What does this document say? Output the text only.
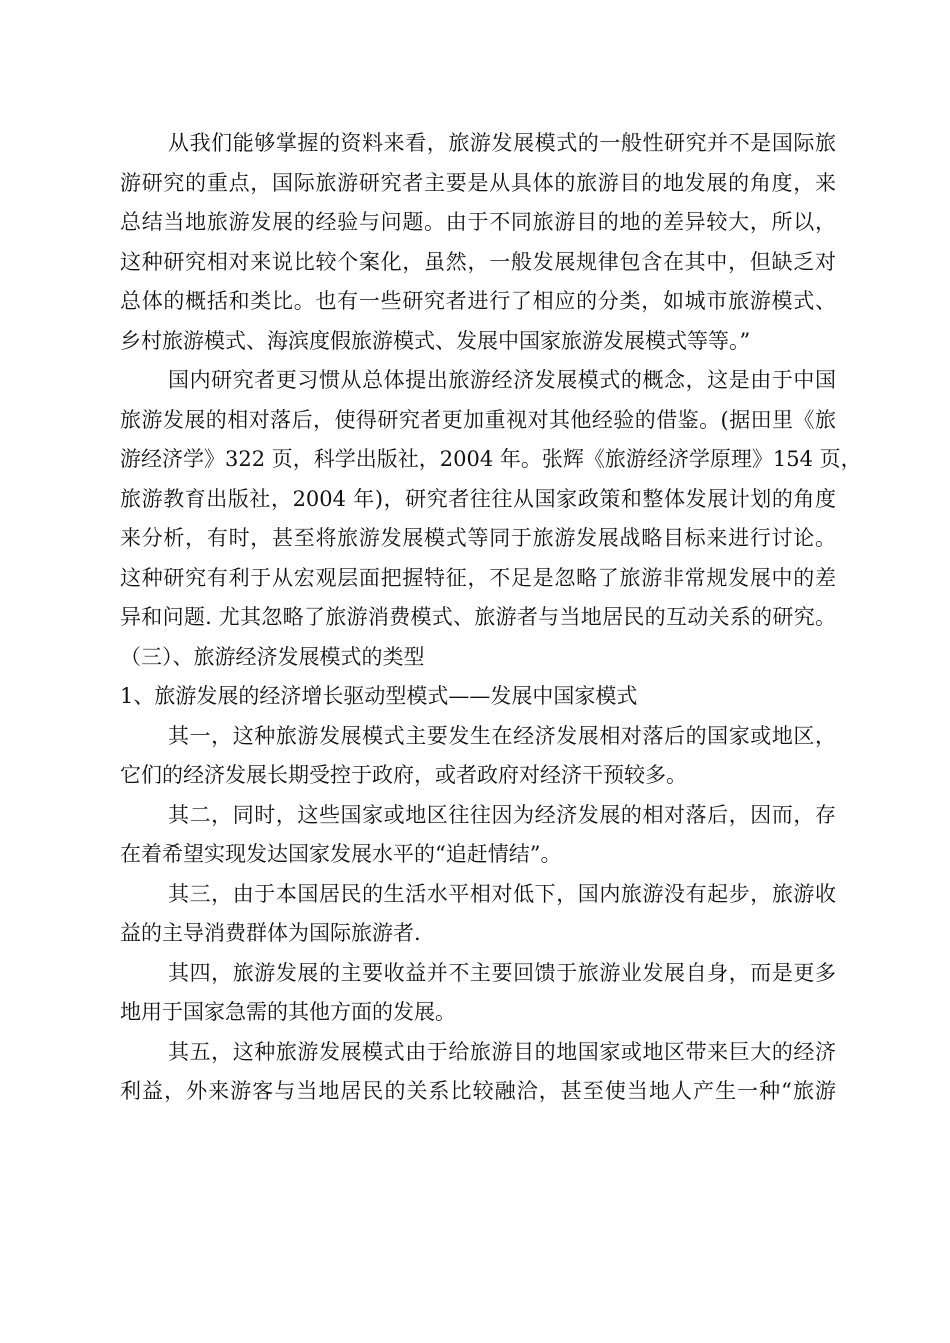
从我们能够掌握的资料来看，旅游发展模式的一般性研究并不是国际旅
游研究的重点，国际旅游研究者主要是从具体的旅游目的地发展的角度，来
总结当地旅游发展的经验与问题。由于不同旅游目的地的差异较大，所以，
这种研究相对来说比较个案化，虽然，一般发展规律包含在其中，但缺乏对
总体的概括和类比。也有一些研究者进行了相应的分类，如城市旅游模式、
乡村旅游模式、海滨度假旅游模式、发展中国家旅游发展模式等等。”
国内研究者更习惯从总体提出旅游经济发展模式的概念，这是由于中国
旅游发展的相对落后，使得研究者更加重视对其他经验的借鉴。(据田里《旅
游经济学》322 页，科学出版社，2004 年。张辉《旅游经济学原理》154 页，
旅游教育出版社，2004 年)，研究者往往从国家政策和整体发展计划的角度
来分析，有时，甚至将旅游发展模式等同于旅游发展战略目标来进行讨论。
这种研究有利于从宏观层面把握特征，不足是忽略了旅游非常规发展中的差
异和问题. 尤其忽略了旅游消费模式、旅游者与当地居民的互动关系的研究。
（三）、旅游经济发展模式的类型
1、旅游发展的经济增长驱动型模式——发展中国家模式
其一，这种旅游发展模式主要发生在经济发展相对落后的国家或地区，
它们的经济发展长期受控于政府，或者政府对经济干预较多。
其二，同时，这些国家或地区往往因为经济发展的相对落后，因而，存
在着希望实现发达国家发展水平的“追赶情结”。
其三，由于本国居民的生活水平相对低下，国内旅游没有起步，旅游收
益的主导消费群体为国际旅游者.
其四，旅游发展的主要收益并不主要回馈于旅游业发展自身，而是更多
地用于国家急需的其他方面的发展。
其五，这种旅游发展模式由于给旅游目的地国家或地区带来巨大的经济
利益，外来游客与当地居民的关系比较融洽，甚至使当地人产生一种“旅游
